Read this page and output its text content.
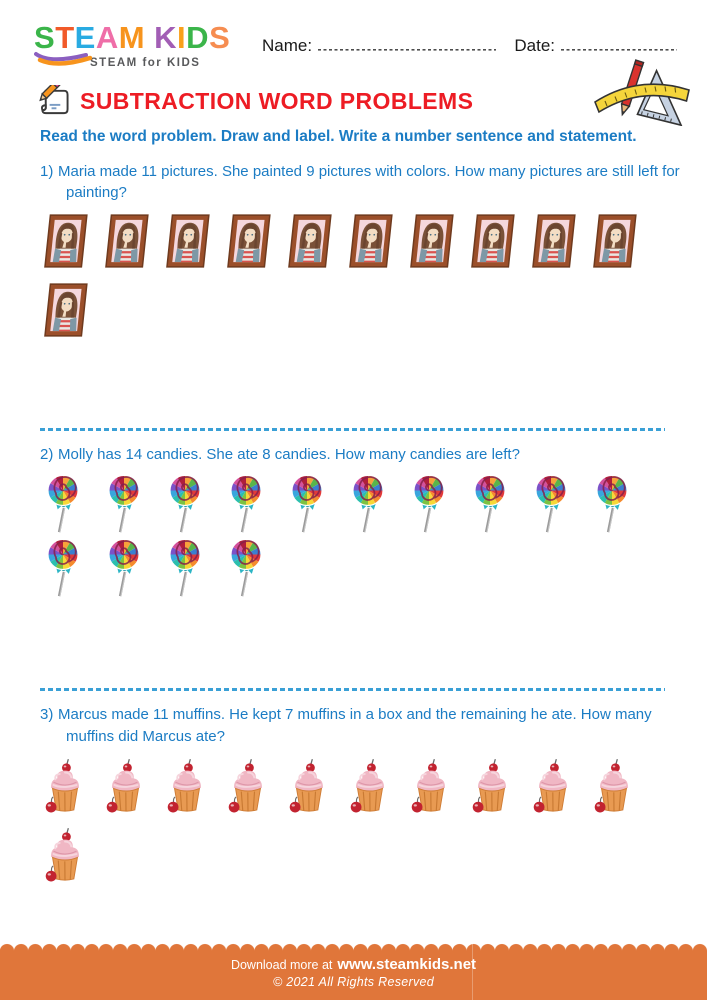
STEAM KIDS
STEAM for KIDS
Name:	Date:
SUBTRACTION WORD PROBLEMS

Read the word problem. Draw and label. Write a number sentence and statement.

1) Maria made 11 pictures. She painted 9 pictures with colors. How many pictures are still left for painting?

2) Molly has 14 candies. She ate 8 candies. How many candies are left?

3) Marcus made 11 muffins. He kept 7 muffins in a box and the remaining he ate. How many muffins did Marcus ate?

Download more at www.steamkids.net
© 2021 All Rights Reserved
